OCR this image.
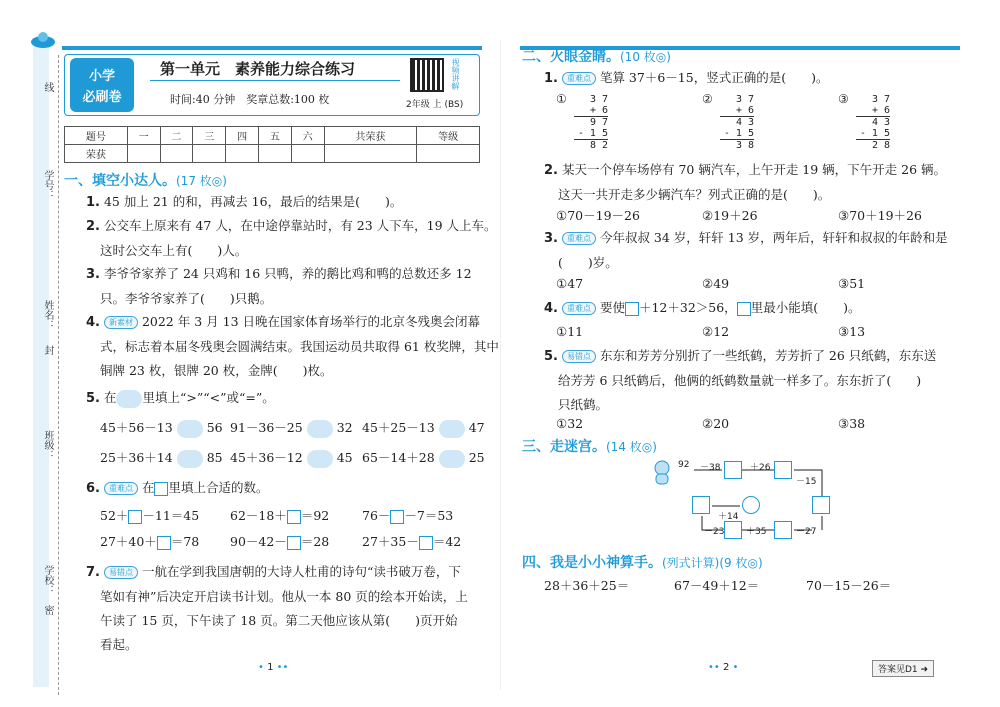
线
学号：
姓名：
封
班级：
学校：
密
小学
必刷卷
第一单元　素养能力综合练习
时间:40 分钟　奖章总数:100 枚
视频讲解
2年级 上 (BS)
题号	一	二	三	四	五	六	共荣获	等级
荣获								
一、填空小达人。(17 枚◎)
1. 45 加上 21 的和，再减去 16，最后的结果是(　　)。
2. 公交车上原来有 47 人，在中途停靠站时，有 23 人下车，19 人上车。
这时公交车上有(　　)人。
3. 李爷爷家养了 24 只鸡和 16 只鸭，养的鹅比鸡和鸭的总数还多 12
只。李爷爷家养了(　　)只鹅。
4. 新素材 2022 年 3 月 13 日晚在国家体育场举行的北京冬残奥会闭幕
式，标志着本届冬残奥会圆满结束。我国运动员共取得 61 枚奖牌，其中
铜牌 23 枚，银牌 20 枚，金牌(　　)枚。
5. 在 里填上“>”“<”或“=”。
45＋56－13	56 91－36－25	32 45＋25－13	47
25＋36＋14	85 45＋36－12	45 65－14＋28	25
6. 重难点 在 里填上合适的数。
52＋ －11＝45 62－18＋ ＝92	76－ －7＝53
27＋40＋ ＝78 90－42－ ＝28	27＋35－ ＝42
7. 易错点 一航在学到我国唐朝的大诗人杜甫的诗句“读书破万卷，下
笔如有神”后决定开启读书计划。他从一本 80 页的绘本开始读，上
午读了 15 页，下午读了 18 页。第二天他应该从第(　　)页开始
看起。
• 1 ••
二、火眼金睛。(10 枚◎)
1. 重难点 笔算 37＋6－15，竖式正确的是(　　)。
①	3 7
+ 6
9 7
- 1 5
8 2
②	3 7
+ 6
4 3
- 1 5
3 8
③	3 7
+ 6
4 3
- 1 5
2 8
2. 某天一个停车场停有 70 辆汽车，上午开走 19 辆，下午开走 26 辆。
这天一共开走多少辆汽车？列式正确的是(　　)。
①70－19－26	②19＋26	③70＋19＋26
3. 重难点 今年叔叔 34 岁，轩轩 13 岁，两年后，轩轩和叔叔的年龄和是
(　　)岁。
①47	②49	③51
4. 重难点 要使 ＋12＋32＞56， 里最小能填(　　)。
①11	②12	③13
5. 易错点 东东和芳芳分别折了一些纸鹤，芳芳折了 26 只纸鹤，东东送
给芳芳 6 只纸鹤后，他俩的纸鹤数量就一样多了。东东折了(　　)
只纸鹤。
①32	②20	③38
三、走迷宫。(14 枚◎)
92 －38	＋26
－15
－27
＋35
－23
＋14
四、我是小小神算手。(列式计算)(9 枚◎)
28＋36＋25＝	67－49＋12＝	70－15－26＝
•• 2 •	答案见D1 ➜
